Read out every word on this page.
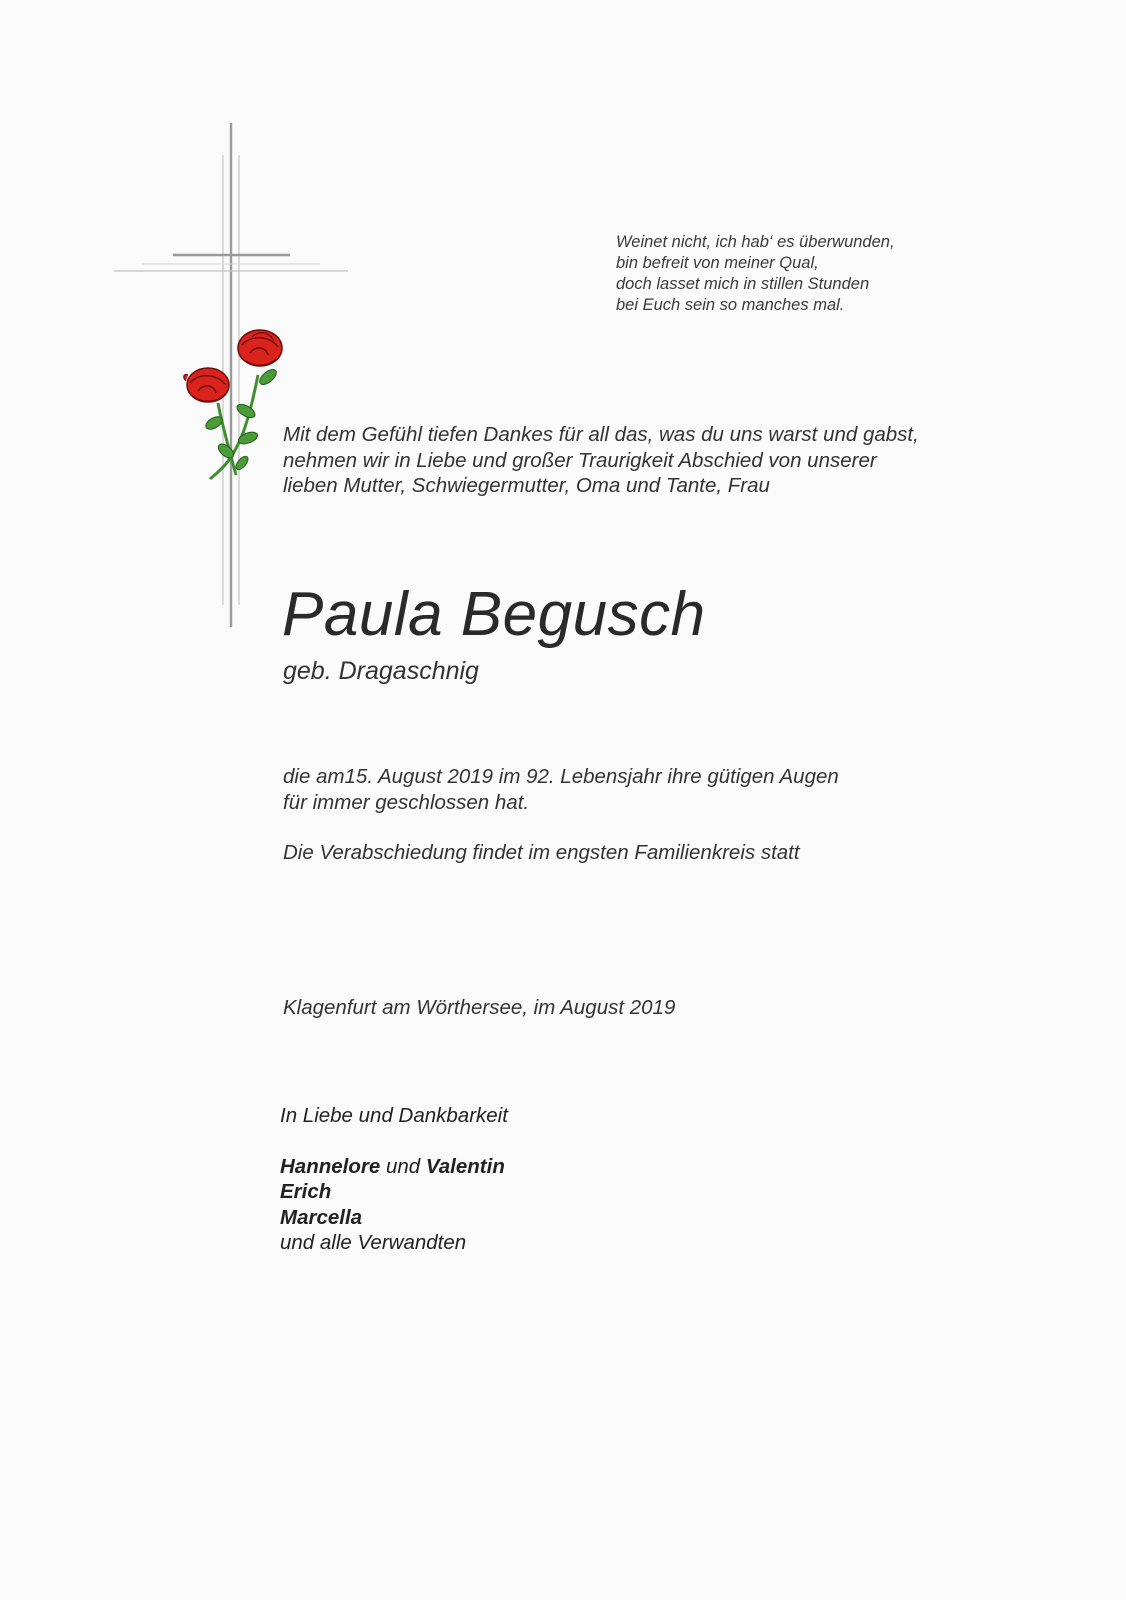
Weinet nicht, ich hab‘ es überwunden,
bin befreit von meiner Qual,
doch lasset mich in stillen Stunden
bei Euch sein so manches mal.
Mit dem Gefühl tiefen Dankes für all das, was du uns warst und gabst,
nehmen wir in Liebe und großer Traurigkeit Abschied von unserer
lieben Mutter, Schwiegermutter, Oma und Tante, Frau
Paula Begusch
geb. Dragaschnig
die am15. August 2019 im 92. Lebensjahr ihre gütigen Augen
für immer geschlossen hat.
Die Verabschiedung findet im engsten Familienkreis statt
Klagenfurt am Wörthersee, im August 2019
In Liebe und Dankbarkeit
Hannelore und Valentin
Erich
Marcella
und alle Verwandten
